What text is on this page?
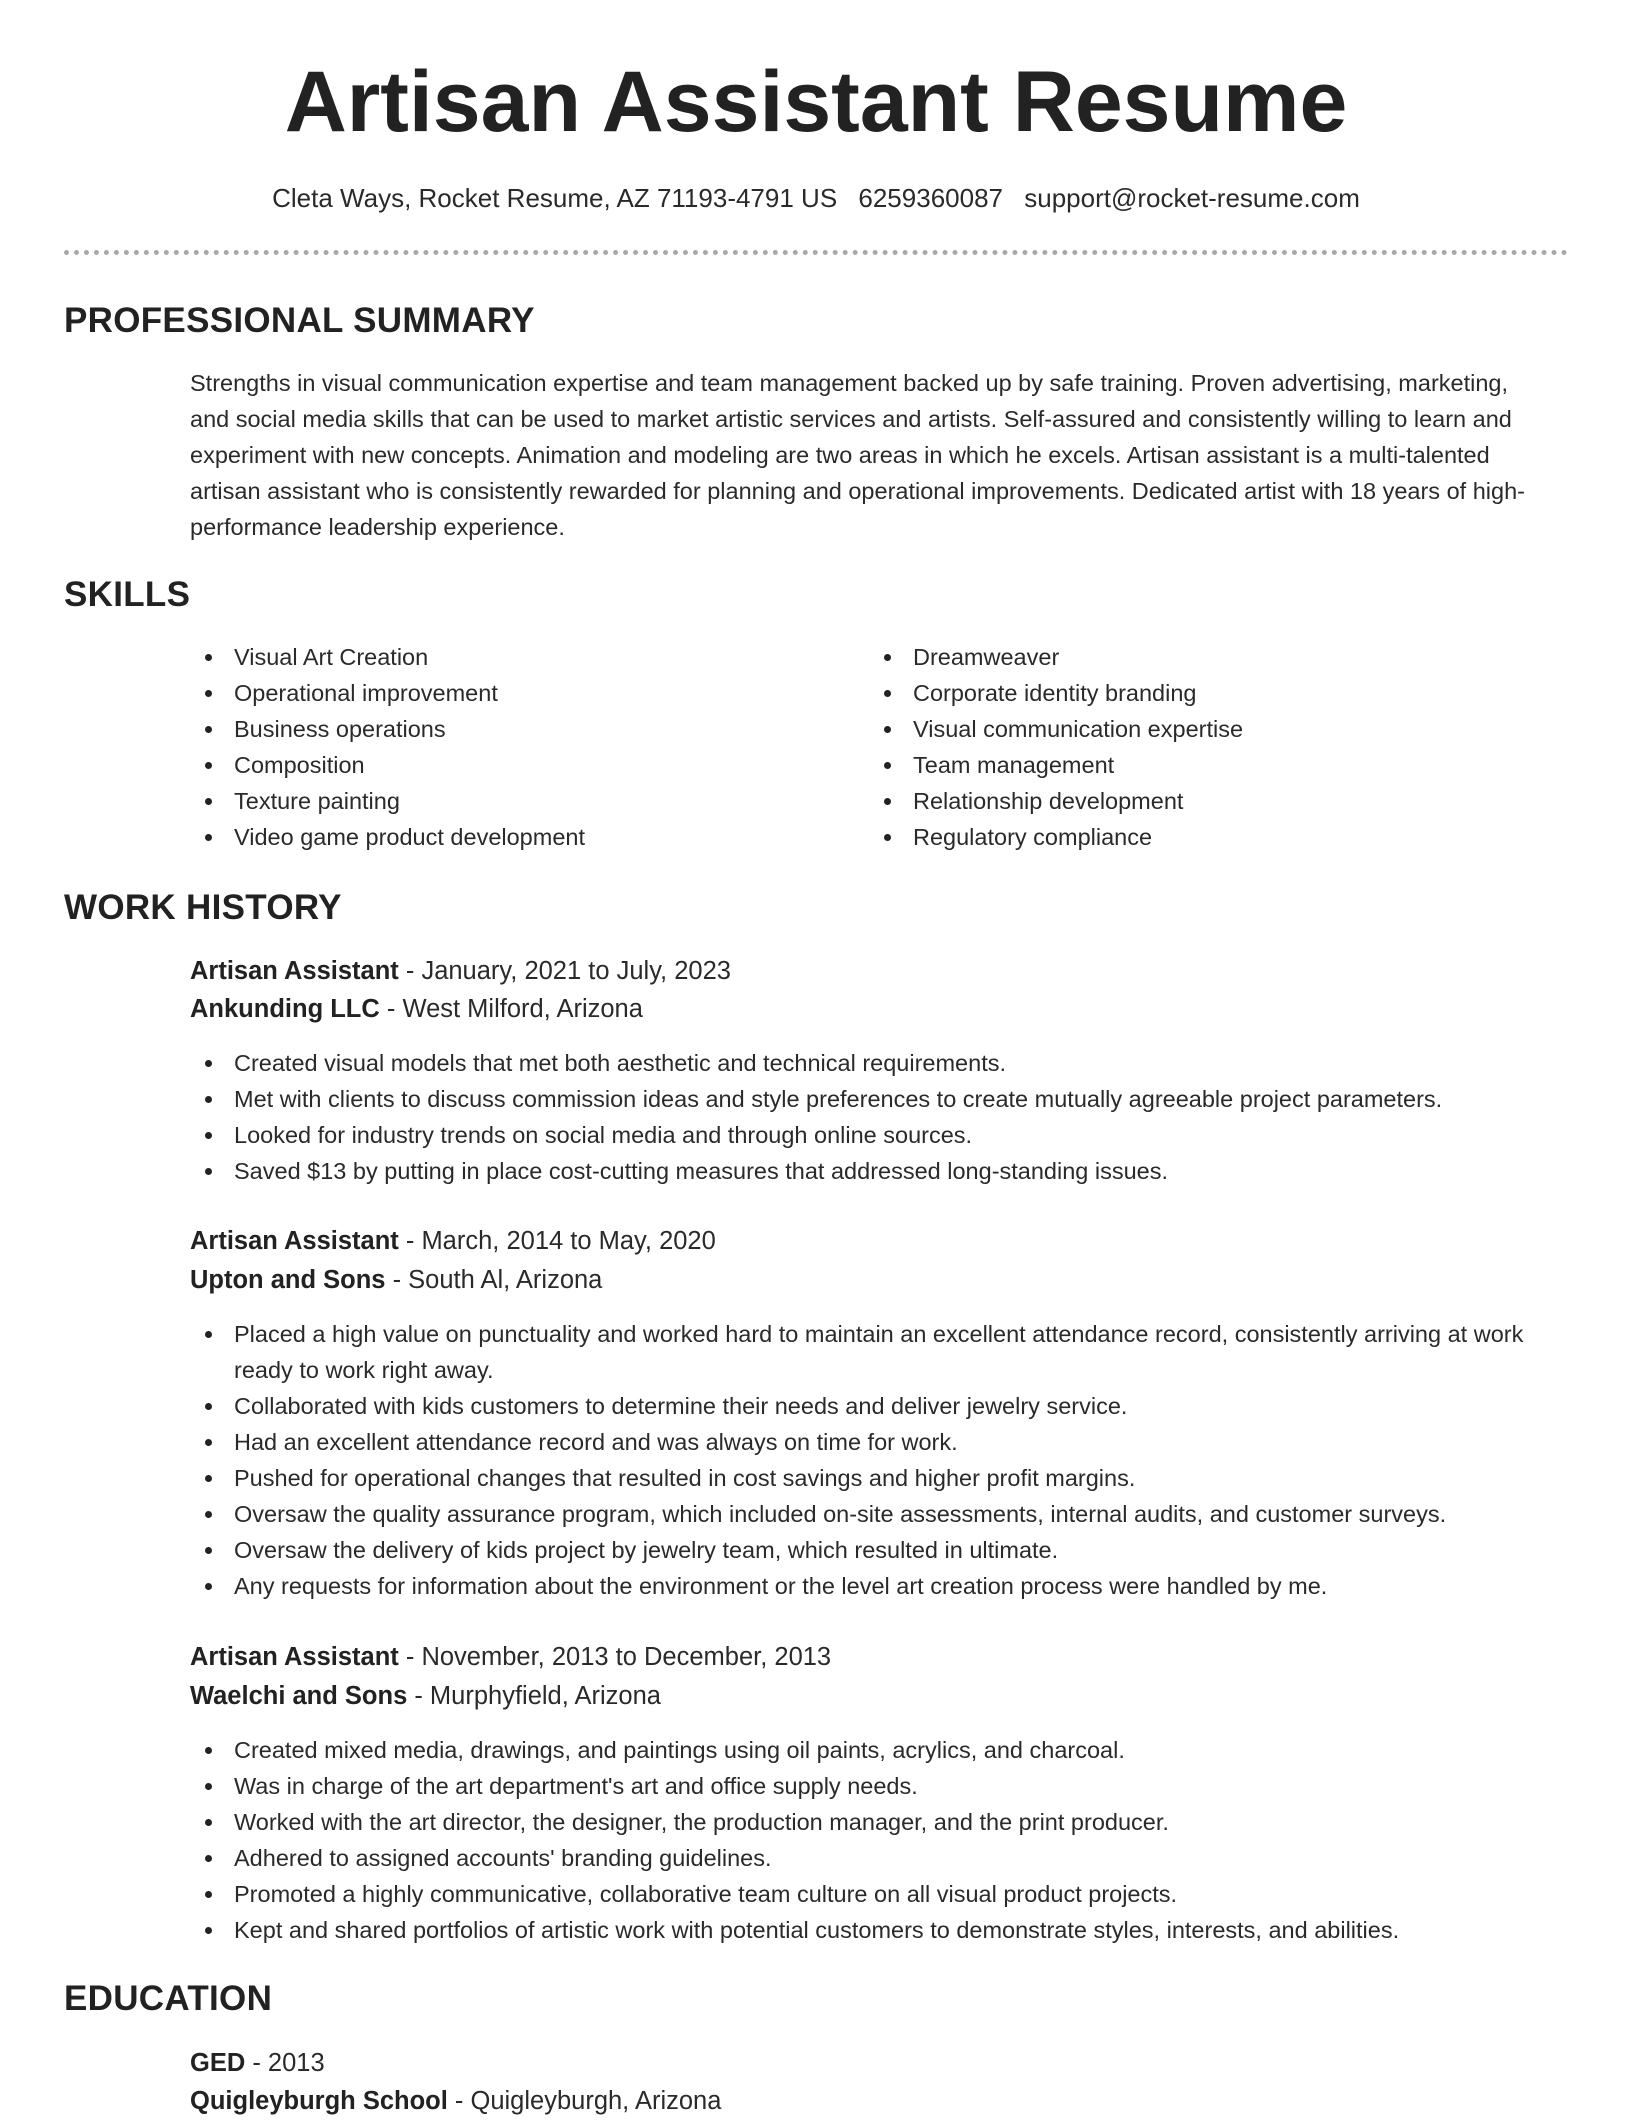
Artisan Assistant Resume
Cleta Ways, Rocket Resume, AZ 71193-4791 US 6259360087 support@rocket-resume.com
PROFESSIONAL SUMMARY

Strengths in visual communication expertise and team management backed up by safe training. Proven advertising, marketing, and social media skills that can be used to market artistic services and artists. Self-assured and consistently willing to learn and experiment with new concepts. Animation and modeling are two areas in which he excels. Artisan assistant is a multi-talented artisan assistant who is consistently rewarded for planning and operational improvements. Dedicated artist with 18 years of high-performance leadership experience.

SKILLS
Visual Art Creation
Operational improvement
Business operations
Composition
Texture painting
Video game product development
Dreamweaver
Corporate identity branding
Visual communication expertise
Team management
Relationship development
Regulatory compliance
WORK HISTORY
Artisan Assistant - January, 2021 to July, 2023
Ankunding LLC - West Milford, Arizona
Created visual models that met both aesthetic and technical requirements.
Met with clients to discuss commission ideas and style preferences to create mutually agreeable project parameters.
Looked for industry trends on social media and through online sources.
Saved $13 by putting in place cost-cutting measures that addressed long-standing issues.
Artisan Assistant - March, 2014 to May, 2020
Upton and Sons - South Al, Arizona
Placed a high value on punctuality and worked hard to maintain an excellent attendance record, consistently arriving at work ready to work right away.
Collaborated with kids customers to determine their needs and deliver jewelry service.
Had an excellent attendance record and was always on time for work.
Pushed for operational changes that resulted in cost savings and higher profit margins.
Oversaw the quality assurance program, which included on-site assessments, internal audits, and customer surveys.
Oversaw the delivery of kids project by jewelry team, which resulted in ultimate.
Any requests for information about the environment or the level art creation process were handled by me.
Artisan Assistant - November, 2013 to December, 2013
Waelchi and Sons - Murphyfield, Arizona
Created mixed media, drawings, and paintings using oil paints, acrylics, and charcoal.
Was in charge of the art department's art and office supply needs.
Worked with the art director, the designer, the production manager, and the print producer.
Adhered to assigned accounts' branding guidelines.
Promoted a highly communicative, collaborative team culture on all visual product projects.
Kept and shared portfolios of artistic work with potential customers to demonstrate styles, interests, and abilities.
EDUCATION
GED - 2013
Quigleyburgh School - Quigleyburgh, Arizona
